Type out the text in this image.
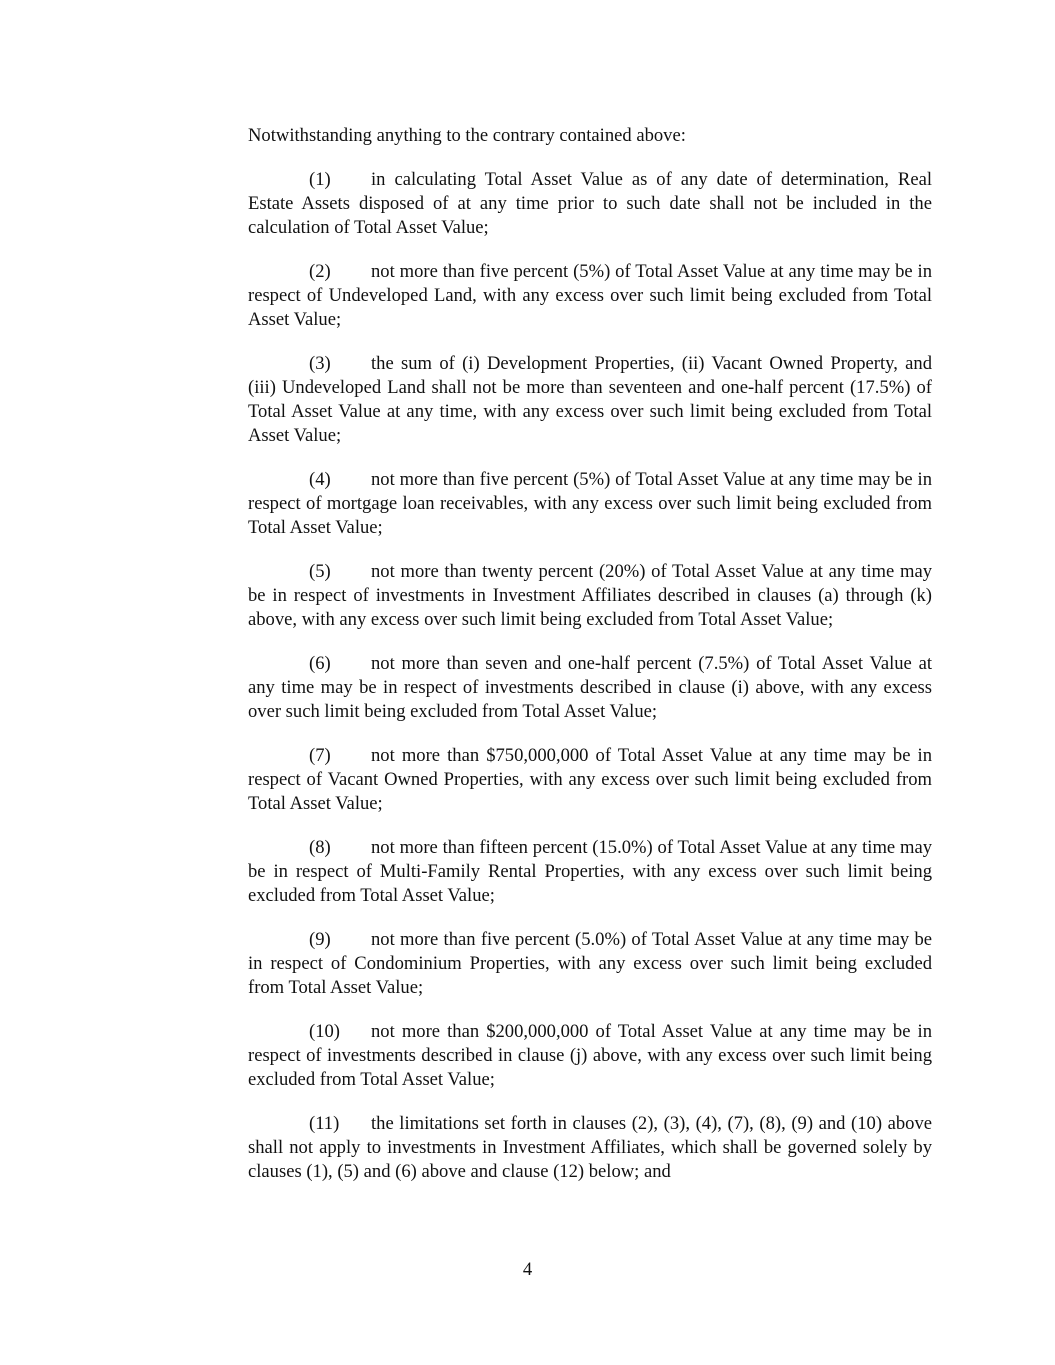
Notwithstanding anything to the contrary contained above:

(1) in calculating Total Asset Value as of any date of determination, Real Estate Assets disposed of at any time prior to such date shall not be included in the calculation of Total Asset Value;

(2) not more than five percent (5%) of Total Asset Value at any time may be in respect of Undeveloped Land, with any excess over such limit being excluded from Total Asset Value;

(3) the sum of (i) Development Properties, (ii) Vacant Owned Property, and (iii) Undeveloped Land shall not be more than seventeen and one-half percent (17.5%) of Total Asset Value at any time, with any excess over such limit being excluded from Total Asset Value;

(4) not more than five percent (5%) of Total Asset Value at any time may be in respect of mortgage loan receivables, with any excess over such limit being excluded from Total Asset Value;

(5) not more than twenty percent (20%) of Total Asset Value at any time may be in respect of investments in Investment Affiliates described in clauses (a) through (k) above, with any excess over such limit being excluded from Total Asset Value;

(6) not more than seven and one-half percent (7.5%) of Total Asset Value at any time may be in respect of investments described in clause (i) above, with any excess over such limit being excluded from Total Asset Value;

(7) not more than $750,000,000 of Total Asset Value at any time may be in respect of Vacant Owned Properties, with any excess over such limit being excluded from Total Asset Value;

(8) not more than fifteen percent (15.0%) of Total Asset Value at any time may be in respect of Multi-Family Rental Properties, with any excess over such limit being excluded from Total Asset Value;

(9) not more than five percent (5.0%) of Total Asset Value at any time may be in respect of Condominium Properties, with any excess over such limit being excluded from Total Asset Value;

(10) not more than $200,000,000 of Total Asset Value at any time may be in respect of investments described in clause (j) above, with any excess over such limit being excluded from Total Asset Value;

(11) the limitations set forth in clauses (2), (3), (4), (7), (8), (9) and (10) above shall not apply to investments in Investment Affiliates, which shall be governed solely by clauses (1), (5) and (6) above and clause (12) below; and

4
